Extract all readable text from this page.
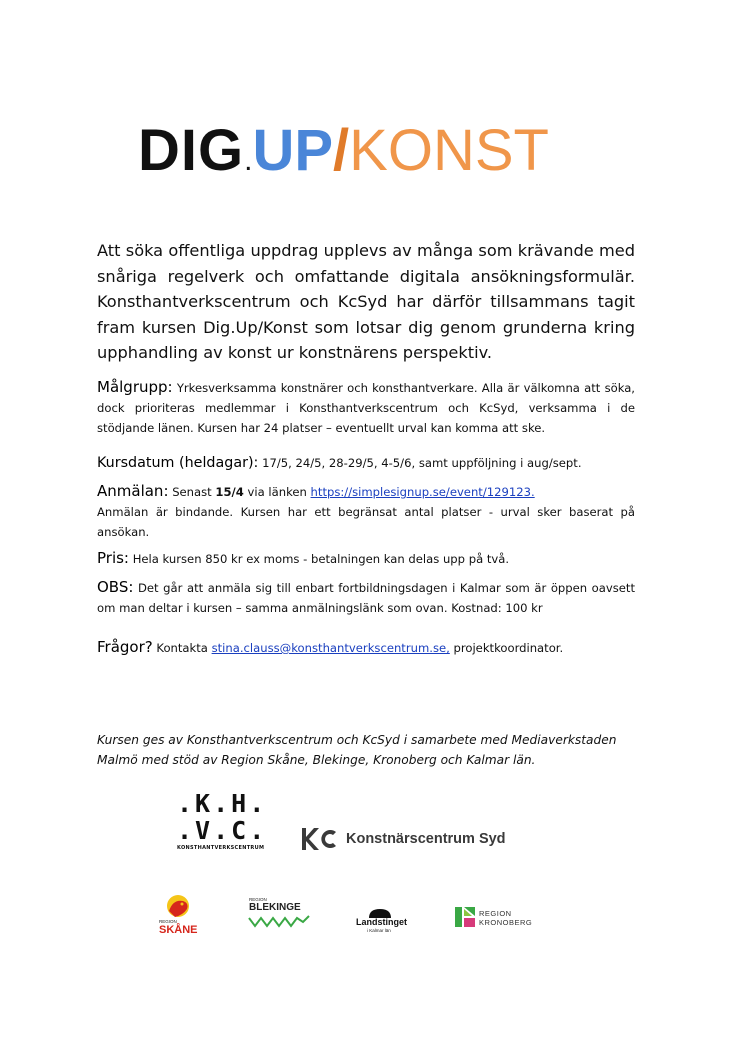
DIG.UP/KONST

Att söka offentliga uppdrag upplevs av många som krävande med snåriga regelverk och omfattande digitala ansökningsformulär. Konsthantverkscentrum och KcSyd har därför tillsammans tagit fram kursen Dig.Up/Konst som lotsar dig genom grunderna kring upphandling av konst ur konstnärens perspektiv.

Målgrupp: Yrkesverksamma konstnärer och konsthantverkare. Alla är välkomna att söka, dock prioriteras medlemmar i Konsthantverkscentrum och KcSyd, verksamma i de stödjande länen. Kursen har 24 platser – eventuellt urval kan komma att ske.

Kursdatum (heldagar): 17/5, 24/5, 28-29/5, 4-5/6, samt uppföljning i aug/sept.

Anmälan: Senast 15/4 via länken https://simplesignup.se/event/129123.
Anmälan är bindande. Kursen har ett begränsat antal platser - urval sker baserat på ansökan.

Pris: Hela kursen 850 kr ex moms - betalningen kan delas upp på två.

OBS: Det går att anmäla sig till enbart fortbildningsdagen i Kalmar som är öppen oavsett om man deltar i kursen – samma anmälningslänk som ovan. Kostnad: 100 kr

Frågor? Kontakta stina.clauss@konsthantverkscentrum.se, projektkoordinator.

Kursen ges av Konsthantverkscentrum och KcSyd i samarbete med Mediaverkstaden Malmö med stöd av Region Skåne, Blekinge, Kronoberg och Kalmar län.

.K.H.
.V.C.
KONSTHANTVERKSCENTRUM
Konstnärscentrum Syd
REGION
SKÅNE
REGION
BLEKINGE
Landstinget
i Kalmar län
REGION
KRONOBERG
